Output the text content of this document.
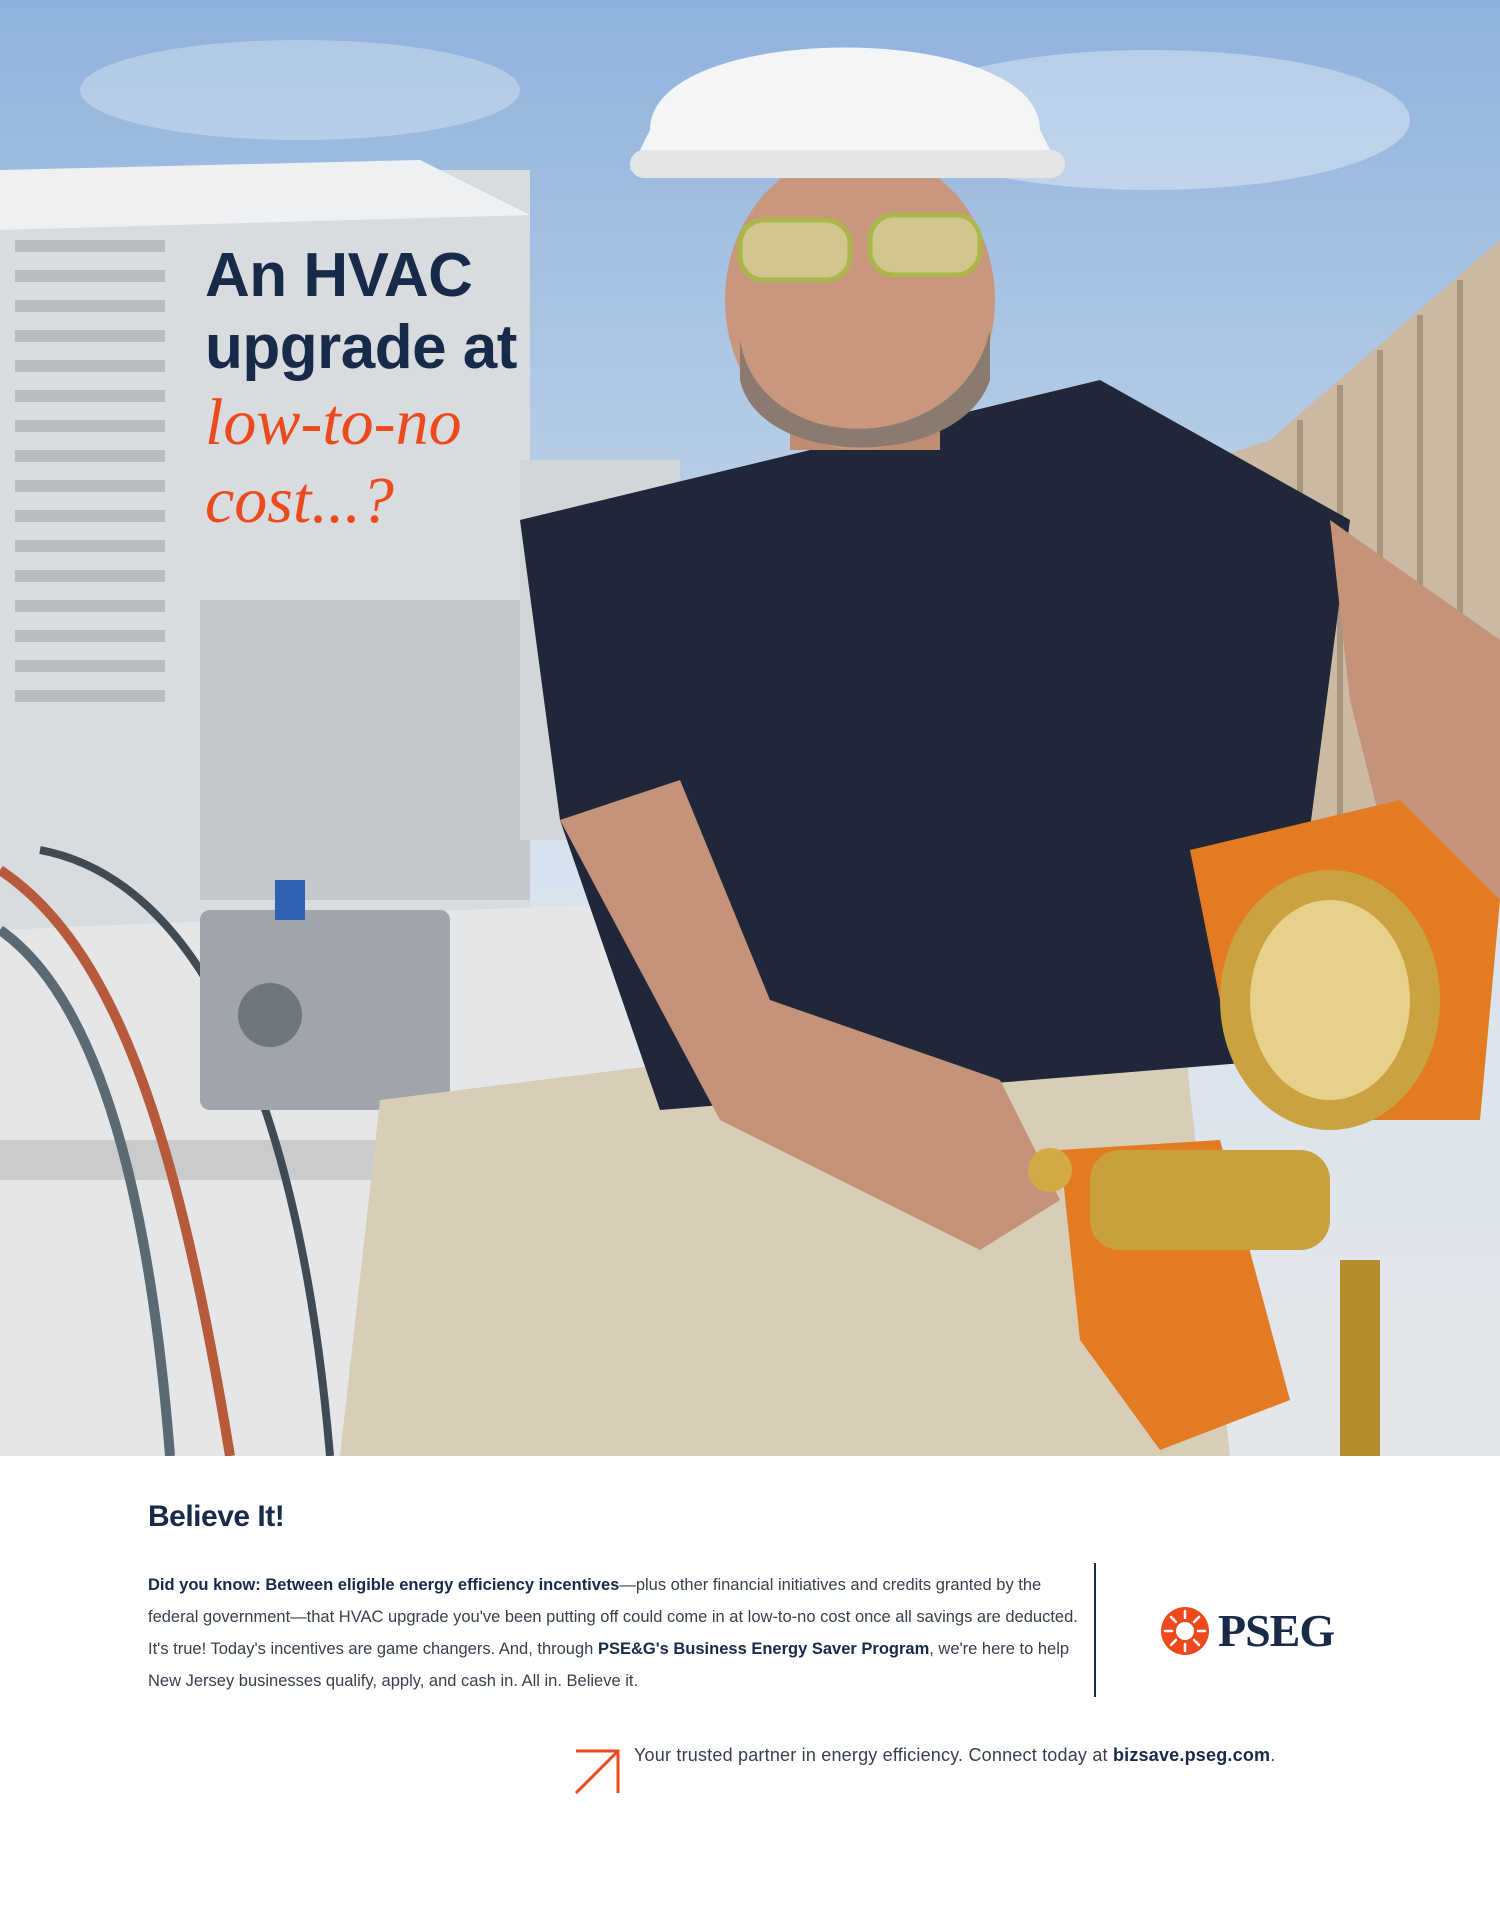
An HVAC
upgrade at
low-to-no
cost...?
Believe It!
Did you know: Between eligible energy efficiency incentives—plus other financial initiatives and credits granted by the federal government—that HVAC upgrade you've been putting off could come in at low-to-no cost once all savings are deducted. It's true! Today's incentives are game changers. And, through PSE&G's Business Energy Saver Program, we're here to help New Jersey businesses qualify, apply, and cash in. All in. Believe it.
PSEG
Your trusted partner in energy efficiency. Connect today at bizsave.pseg.com.
